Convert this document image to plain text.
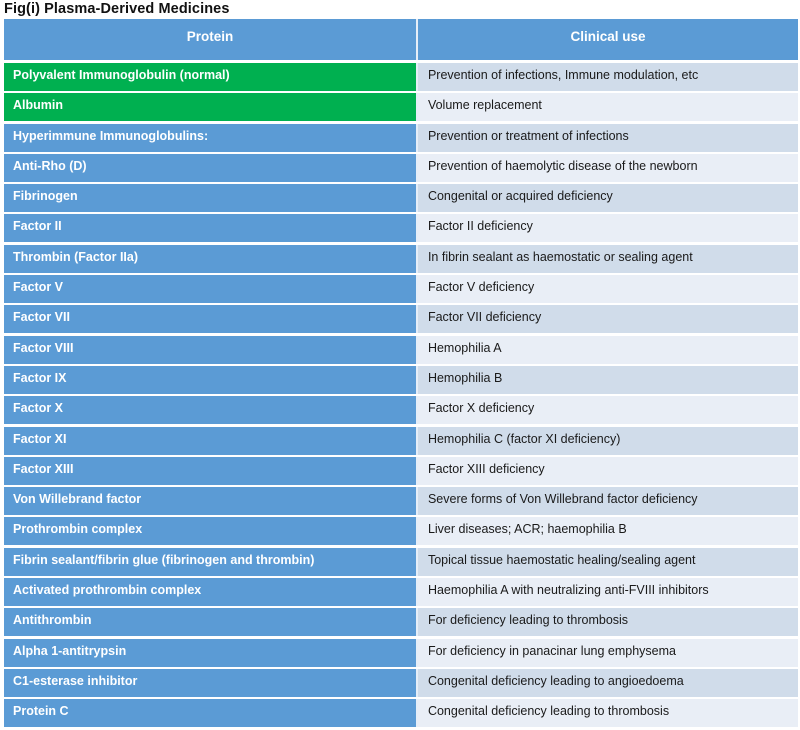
Fig(i) Plasma-Derived Medicines
Protein	Clinical use
Polyvalent Immunoglobulin (normal)	Prevention of infections, Immune modulation, etc
Albumin	Volume replacement
Hyperimmune Immunoglobulins:	Prevention or treatment of infections
Anti-Rho (D)	Prevention of haemolytic disease of the newborn
Fibrinogen	Congenital or acquired deficiency
Factor II	Factor II deficiency
Thrombin (Factor IIa)	In fibrin sealant as haemostatic or sealing agent
Factor V	Factor V deficiency
Factor VII	Factor VII deficiency
Factor VIII	Hemophilia A
Factor IX	Hemophilia B
Factor X	Factor X deficiency
Factor XI	Hemophilia C (factor XI deficiency)
Factor XIII	Factor XIII deficiency
Von Willebrand factor	Severe forms of Von Willebrand factor deficiency
Prothrombin complex	Liver diseases; ACR; haemophilia B
Fibrin sealant/fibrin glue (fibrinogen and thrombin)	Topical tissue haemostatic healing/sealing agent
Activated prothrombin complex	Haemophilia A with neutralizing anti-FVIII inhibitors
Antithrombin	For deficiency leading to thrombosis
Alpha 1-antitrypsin	For deficiency in panacinar lung emphysema
C1-esterase inhibitor	Congenital deficiency leading to angioedoema
Protein C	Congenital deficiency leading to thrombosis
